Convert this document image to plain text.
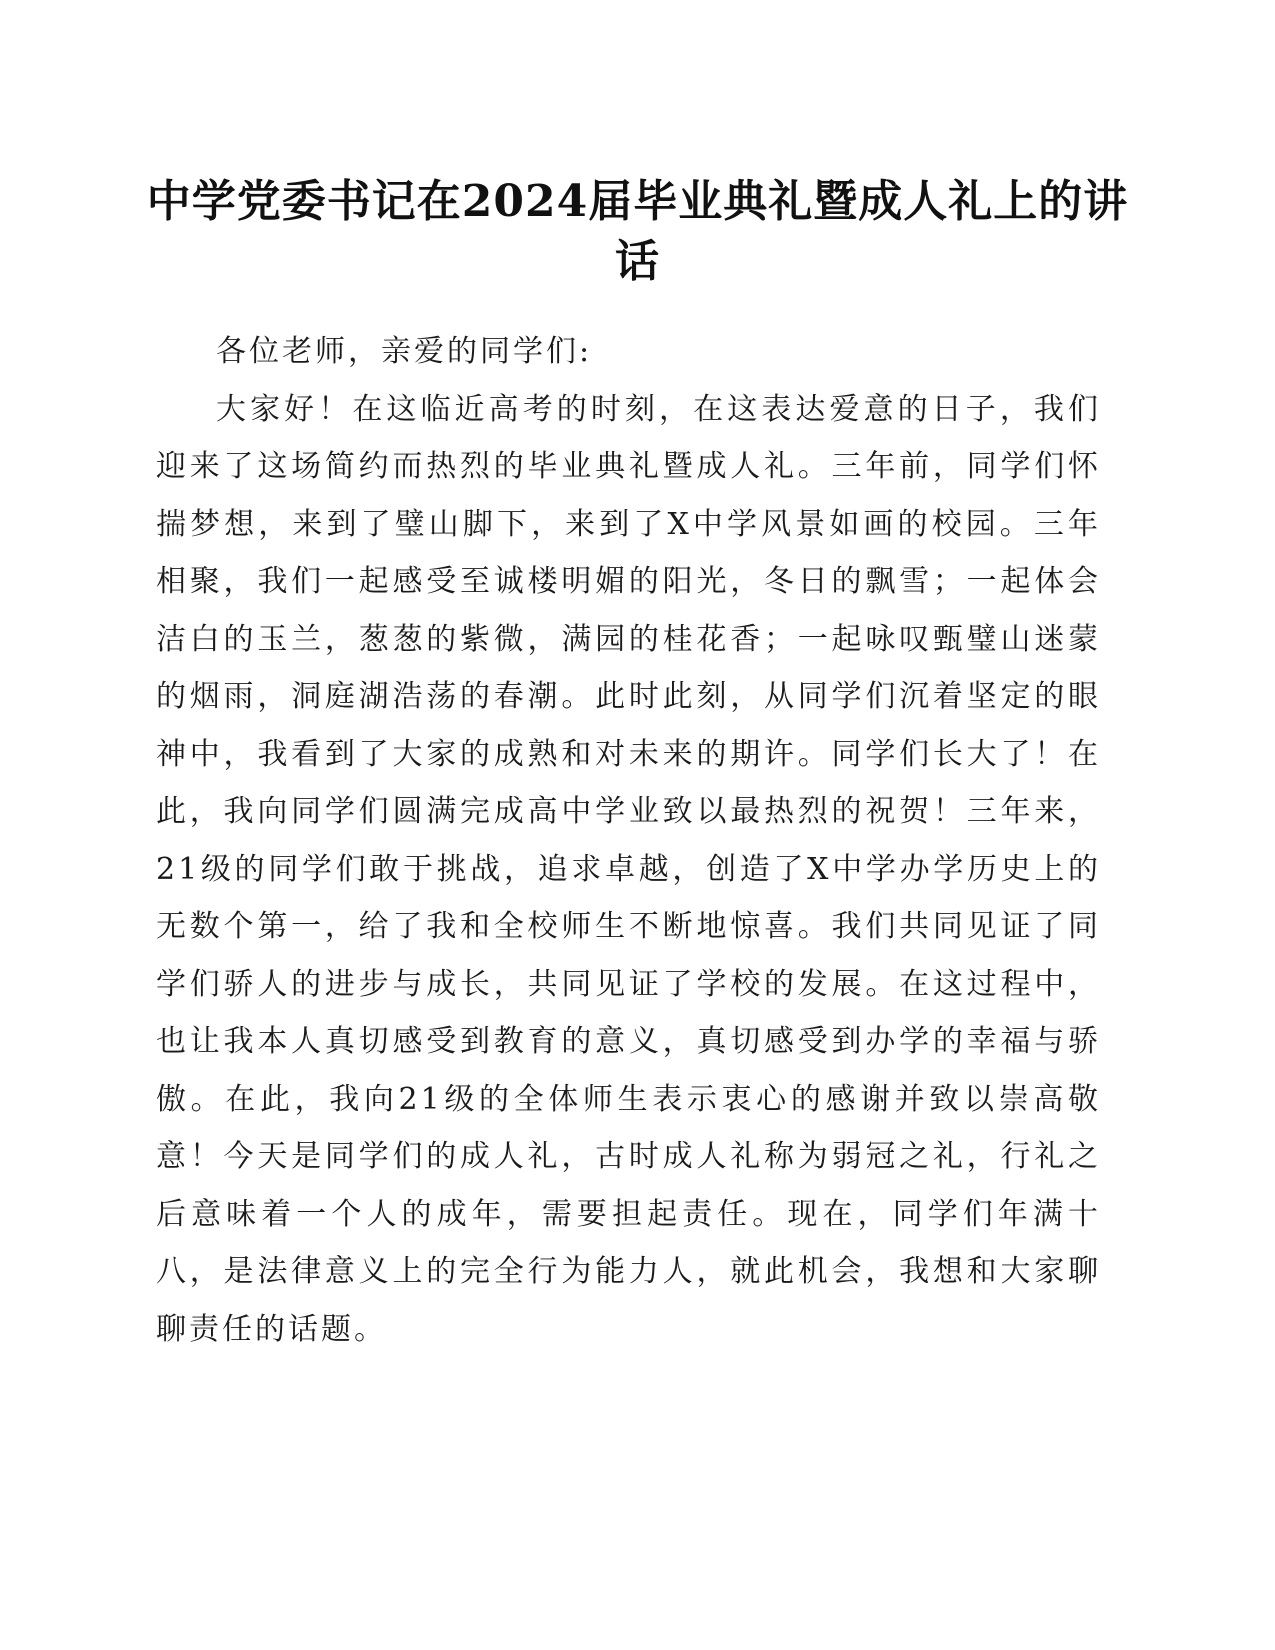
中学党委书记在2024届毕业典礼暨成人礼上的讲话

各位老师，亲爱的同学们:

大家好！在这临近高考的时刻，在这表达爱意的日子，我们迎来了这场简约而热烈的毕业典礼暨成人礼。三年前，同学们怀揣梦想，来到了璧山脚下，来到了X中学风景如画的校园。三年相聚，我们一起感受至诚楼明媚的阳光，冬日的飘雪；一起体会洁白的玉兰，葱葱的紫微，满园的桂花香；一起咏叹甄璧山迷蒙的烟雨，洞庭湖浩荡的春潮。此时此刻，从同学们沉着坚定的眼神中，我看到了大家的成熟和对未来的期许。同学们长大了！在此，我向同学们圆满完成高中学业致以最热烈的祝贺！三年来，21级的同学们敢于挑战，追求卓越，创造了X中学办学历史上的无数个第一，给了我和全校师生不断地惊喜。我们共同见证了同学们骄人的进步与成长，共同见证了学校的发展。在这过程中，也让我本人真切感受到教育的意义，真切感受到办学的幸福与骄傲。在此，我向21级的全体师生表示衷心的感谢并致以崇高敬意！今天是同学们的成人礼，古时成人礼称为弱冠之礼，行礼之后意味着一个人的成年，需要担起责任。现在，同学们年满十八，是法律意义上的完全行为能力人，就此机会，我想和大家聊聊责任的话题。
